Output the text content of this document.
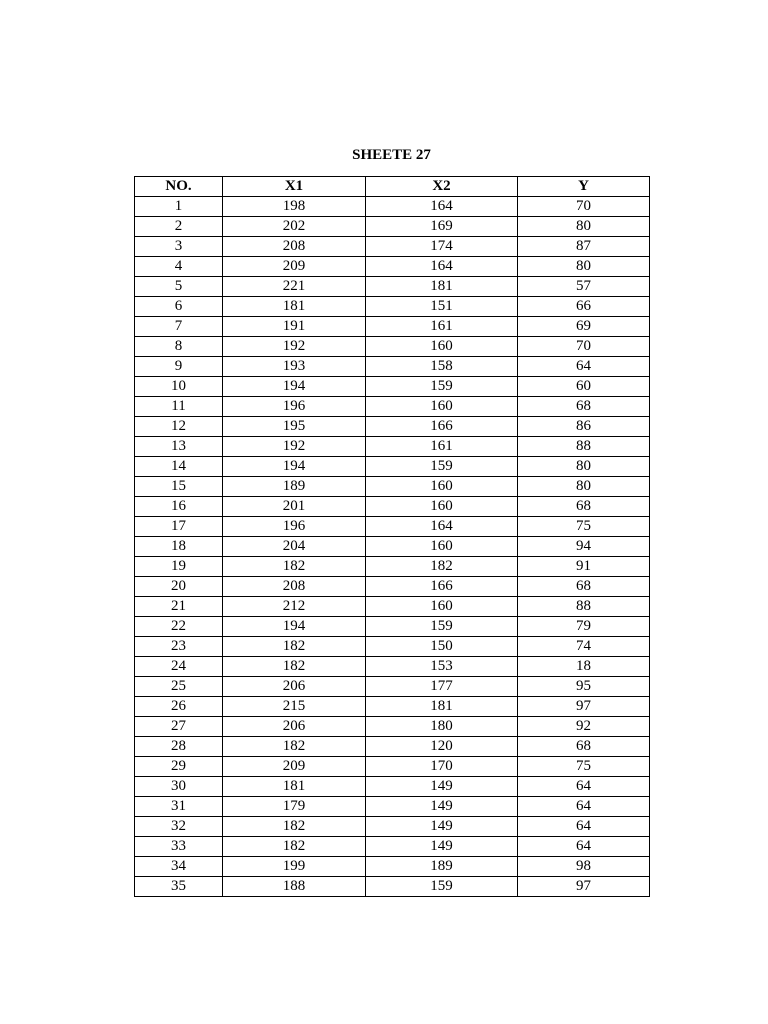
SHEETE 27
NO.	X1	X2	Y
1	198	164	70
2	202	169	80
3	208	174	87
4	209	164	80
5	221	181	57
6	181	151	66
7	191	161	69
8	192	160	70
9	193	158	64
10	194	159	60
11	196	160	68
12	195	166	86
13	192	161	88
14	194	159	80
15	189	160	80
16	201	160	68
17	196	164	75
18	204	160	94
19	182	182	91
20	208	166	68
21	212	160	88
22	194	159	79
23	182	150	74
24	182	153	18
25	206	177	95
26	215	181	97
27	206	180	92
28	182	120	68
29	209	170	75
30	181	149	64
31	179	149	64
32	182	149	64
33	182	149	64
34	199	189	98
35	188	159	97
